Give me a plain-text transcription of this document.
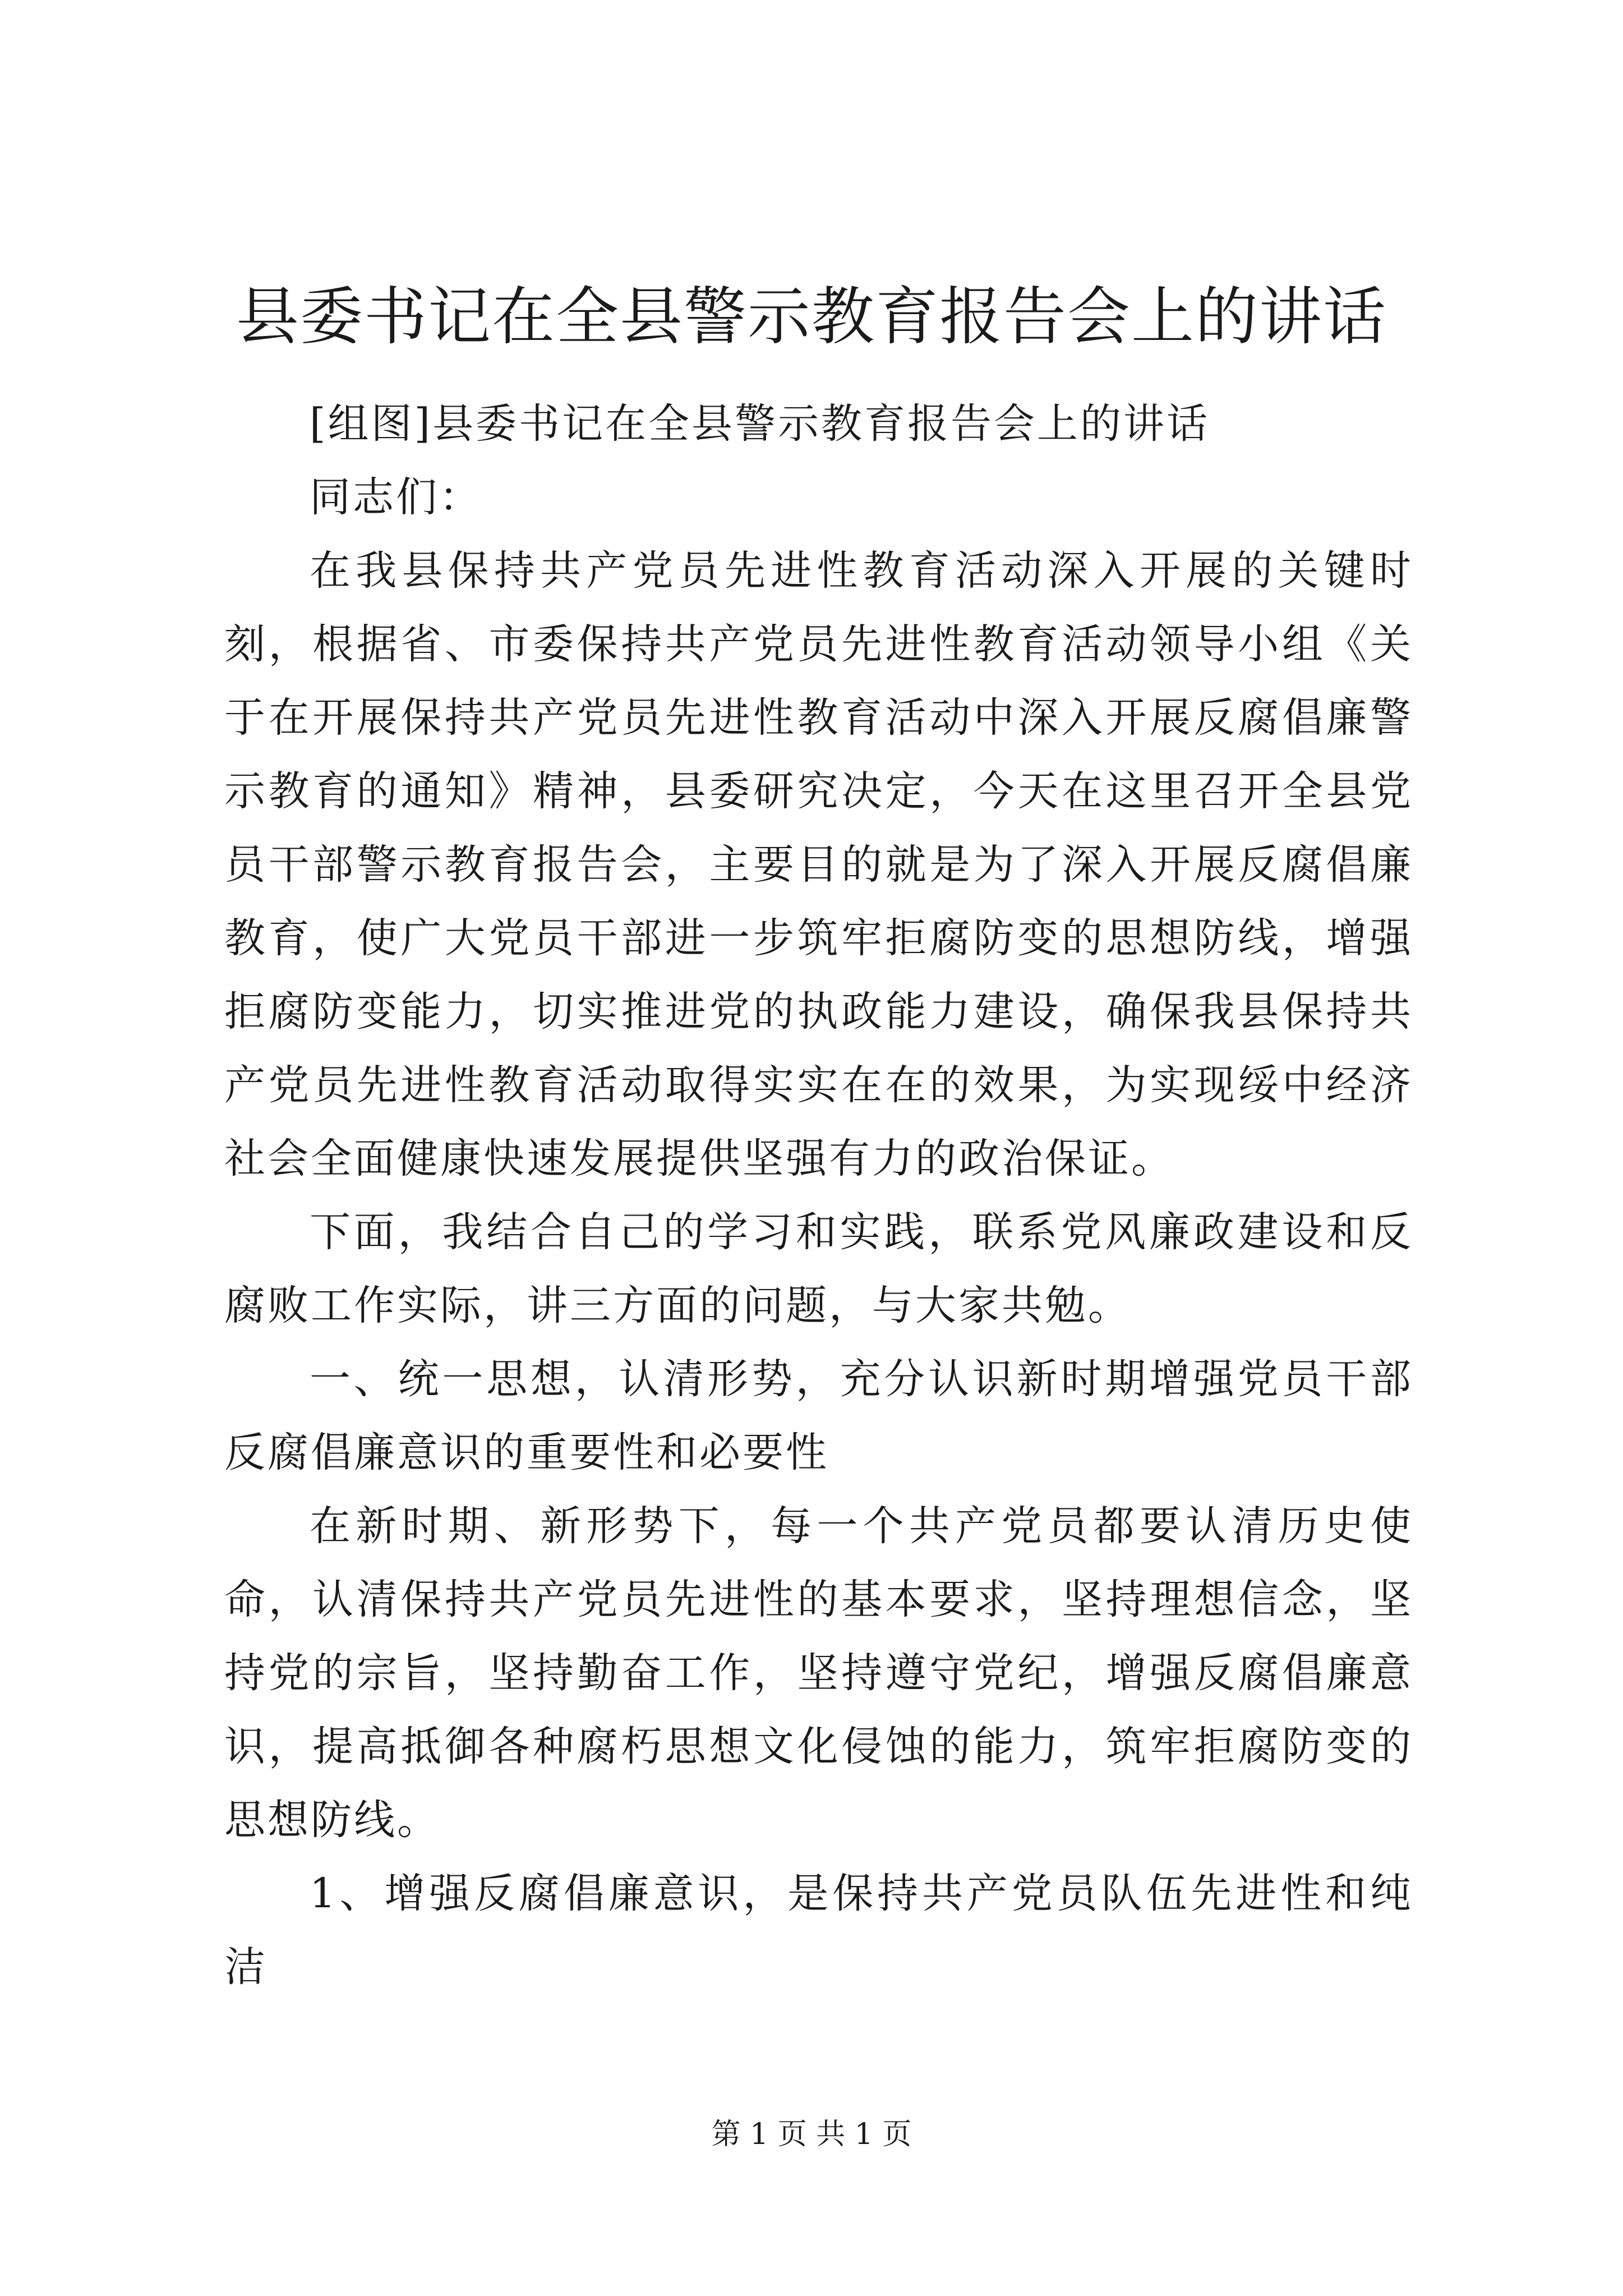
县委书记在全县警示教育报告会上的讲话

[组图]县委书记在全县警示教育报告会上的讲话

同志们：

在我县保持共产党员先进性教育活动深入开展的关键时刻，根据省、市委保持共产党员先进性教育活动领导小组《关于在开展保持共产党员先进性教育活动中深入开展反腐倡廉警示教育的通知》精神，县委研究决定，今天在这里召开全县党员干部警示教育报告会，主要目的就是为了深入开展反腐倡廉教育，使广大党员干部进一步筑牢拒腐防变的思想防线，增强拒腐防变能力，切实推进党的执政能力建设，确保我县保持共产党员先进性教育活动取得实实在在的效果，为实现绥中经济社会全面健康快速发展提供坚强有力的政治保证。

下面，我结合自己的学习和实践，联系党风廉政建设和反腐败工作实际，讲三方面的问题，与大家共勉。

一、统一思想，认清形势，充分认识新时期增强党员干部反腐倡廉意识的重要性和必要性

在新时期、新形势下，每一个共产党员都要认清历史使命，认清保持共产党员先进性的基本要求，坚持理想信念，坚持党的宗旨，坚持勤奋工作，坚持遵守党纪，增强反腐倡廉意识，提高抵御各种腐朽思想文化侵蚀的能力，筑牢拒腐防变的思想防线。

1、增强反腐倡廉意识，是保持共产党员队伍先进性和纯洁

第 1 页 共 1 页
